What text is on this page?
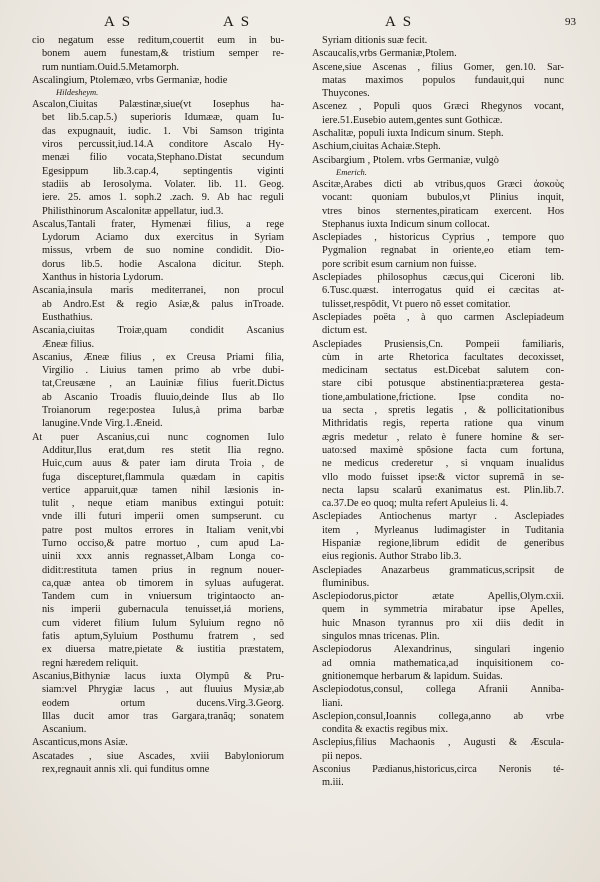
A S	A S	A S	93
cio negatum esse reditum,couertit eum in bu-
bonem auem funestam,& tristium semper re-
rum nuntiam.Ouid.5.Metamorph.
Ascalingium, Ptolemæo, vrbs Germaniæ, hodie
Hildesheym.
Ascalon,Ciuitas Palæstinæ,siue(vt Iosephus ha-
bet lib.5.cap.5.) superioris Idumææ, quam Iu-
das expugnauit, iudic. 1. Vbi Samson triginta
viros percussit,iud.14.A conditore Ascalo Hy-
menæi filio vocata,Stephano.Distat secundum
Egesippum lib.3.cap.4, septingentis viginti
stadiis ab Ierosolyma. Volater. lib. 11. Geog.
iere. 25. amos 1. soph.2 .zach. 9. Ab hac reguli
Philisthinorum Ascalonitæ appellatur, iud.3.
Ascalus,Tantali frater, Hymenæi filius, a rege
Lydorum Aciamo dux exercitus in Syriam
missus, vrbem de suo nomine condidit. Dio-
dorus lib.5. hodie Ascalona dicitur. Steph.
Xanthus in historia Lydorum.
Ascania,insula maris mediterranei, non procul
ab Andro.Est & regio Asiæ,& palus inTroade.
Eusthathius.
Ascania,ciuitas Troiæ,quam condidit Ascanius
Æneæ filius.
Ascanius, Æneæ filius , ex Creusa Priami filia,
Virgilio . Liuius tamen primo ab vrbe dubi-
tat,Creusæne , an Lauiniæ filius fuerit.Dictus
ab Ascanio Troadis fluuio,deinde Ilus ab Ilo
Troianorum rege:postea Iulus,à prima barbæ
lanugine.Vnde Virg.1.Æneid.
At puer Ascanius,cui nunc cognomen Iulo
Additur,Ilus erat,dum res stetit Ilia regno.
Huic,cum auus & pater iam diruta Troia , de
fuga discepturet,flammula quædam in capitis
vertice apparuit,quæ tamen nihil læsionis in-
tulit , neque etiam manibus extingui potuit:
vnde illi futuri imperii omen sumpserunt. cu
patre post multos errores in Italiam venit,vbi
Turno occiso,& patre mortuo , cum apud La-
uinii xxx annis regnasset,Albam Longa co-
didit:restituta tamen prius in regnum nouer-
ca,quæ antea ob timorem in syluas aufugerat.
Tandem cum in vniuersum trigintaocto an-
nis imperii gubernacula tenuisset,iá moriens,
cum videret filium Iulum Syluium regno nõ
fatis aptum,Syluium Posthumu fratrem , sed
ex diuersa matre,pietate & iustitia præstatem,
regni hæredem reliquit.
Ascanius,Bithyniæ lacus iuxta Olympũ & Pru-
siam:vel Phrygiæ lacus , aut fluuius Mysiæ,ab
eodem ortum ducens.Virg.3.Georg.
Illas ducit amor tras Gargara,tranãq; sonatem
Ascanium.
Ascanticus,mons Asiæ.
Ascatades , siue Ascades, xviii Babyloniorum
rex,regnauit annis xli. qui funditus omne
Syriam ditionis suæ fecit.
Ascaucalis,vrbs Germaniæ,Ptolem.
Ascene,siue Ascenas , filius Gomer, gen.10. Sar-
matas maximos populos fundauit,qui nunc
Thuycones.
Ascenez , Populi quos Græci Rhegynos vocant,
iere.51.Eusebio autem,gentes sunt Gothicæ.
Aschalitæ, populi iuxta Indicum sinum. Steph.
Aschium,ciuitas Achaiæ.Steph.
Ascibargium , Ptolem. vrbs Germaniæ, vulgò
Emerich.
Ascitæ,Arabes dicti ab vtribus,quos Græci ἀσκοὺς
vocant: quoniam bubulos,vt Plinius inquit,
vtres binos sternentes,piraticam exercent. Hos
Stephanus iuxta Indicum sinum collocat.
Asclepiades , historicus Cyprius , tempore quo
Pygmalion regnabat in oriente,eo etiam tem-
pore scribit esum carnium non fuisse.
Asclepiades philosophus cæcus,qui Ciceroni lib.
6.Tusc.quæst. interrogatus quid ei cæcitas at-
tulisset,respõdit, Vt puero nõ esset comitatior.
Asclepiades poëta , à quo carmen Asclepiadeum
dictum est.
Asclepiades Prusiensis,Cn. Pompeii familiaris,
cùm in arte Rhetorica facultates decoxisset,
medicinam sectatus est.Dicebat salutem con-
stare cibi potusque abstinentia:præterea gesta-
tione,ambulatione,frictione. Ipse condita no-
ua secta , spretis legatis , & pollicitationibus
Mithridatis regis, reperta ratione qua vinum
ægris medetur , relato è funere homine & ser-
uato:sed maximè spõsione facta cum fortuna,
ne medicus crederetur , si vnquam inualidus
vllo modo fuisset ipse:& victor supremã in se-
necta lapsu scalarũ exanimatus est. Plin.lib.7.
ca.37.De eo quoq; multa refert Apuleius li. 4.
Asclepiades Antiochenus martyr . Asclepiades
item , Myrleanus ludimagister in Tuditania
Hispaniæ regione,librum edidit de generibus
eius regionis. Author Strabo lib.3.
Asclepiades Anazarbeus grammaticus,scripsit de
fluminibus.
Asclepiodorus,pictor ætate Apellis,Olym.cxii.
quem in symmetria mirabatur ipse Apelles,
huic Mnason tyrannus pro xii diis dedit in
singulos mnas tricenas. Plin.
Asclepiodorus Alexandrinus, singulari ingenio
ad omnia mathematica,ad inquisitionem co-
gnitionemque herbarum & lapidum. Suidas.
Asclepiodotus,consul, collega Afranii Anniba-
liani.
Asclepion,consul,Ioannis collega,anno ab vrbe
condita & exactis regibus mix.
Asclepius,filius Machaonis , Augusti & Æscula-
pii nepos.
Asconius Pædianus,historicus,circa Neronis té-
m.iii.
